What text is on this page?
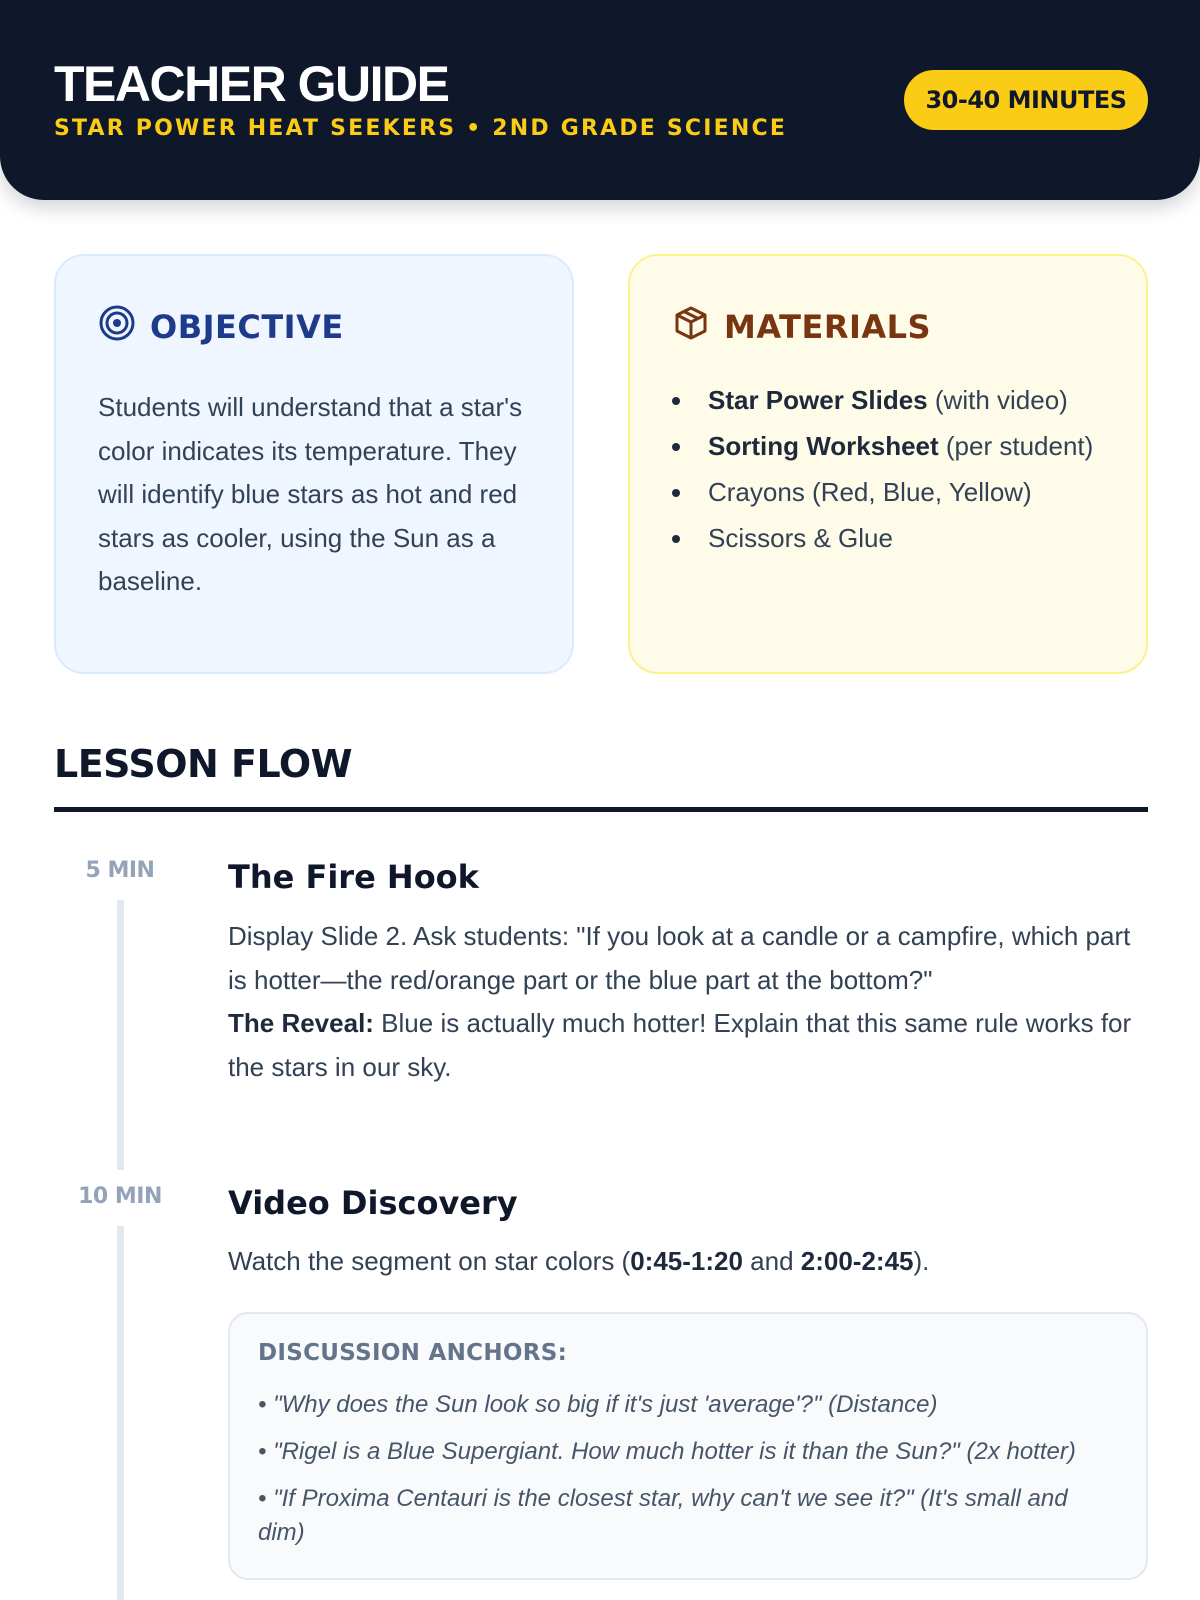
TEACHER GUIDE
STAR POWER HEAT SEEKERS • 2ND GRADE SCIENCE
30-40 MINUTES
OBJECTIVE

Students will understand that a star's color indicates its temperature. They will identify blue stars as hot and red stars as cooler, using the Sun as a baseline.

MATERIALS
Star Power Slides (with video)
Sorting Worksheet (per student)
Crayons (Red, Blue, Yellow)
Scissors & Glue
LESSON FLOW
5 MIN	The Fire Hook
Display Slide 2. Ask students: "If you look at a candle or a campfire, which part is hotter—the red/orange part or the blue part at the bottom?"
The Reveal: Blue is actually much hotter! Explain that this same rule works for the stars in our sky.
10 MIN	Video Discovery
Watch the segment on star colors (0:45-1:20 and 2:00-2:45).
DISCUSSION ANCHORS:
• "Why does the Sun look so big if it's just 'average'?" (Distance)
• "Rigel is a Blue Supergiant. How much hotter is it than the Sun?" (2x hotter)
• "If Proxima Centauri is the closest star, why can't we see it?" (It's small and dim)
